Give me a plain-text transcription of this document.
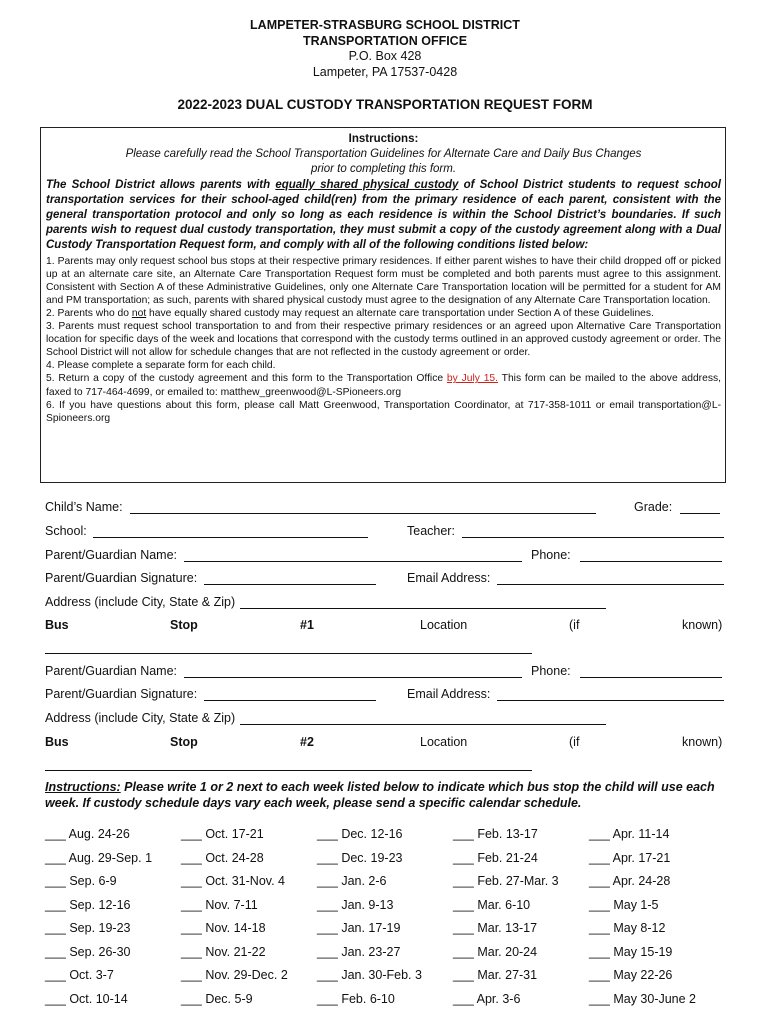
LAMPETER-STRASBURG SCHOOL DISTRICT
TRANSPORTATION OFFICE
P.O. Box 428
Lampeter, PA 17537-0428
2022-2023 DUAL CUSTODY TRANSPORTATION REQUEST FORM
Instructions:
Please carefully read the School Transportation Guidelines for Alternate Care and Daily Bus Changes
prior to completing this form.
The School District allows parents with equally shared physical custody of School District students to request school transportation services for their school-aged child(ren) from the primary residence of each parent, consistent with the general transportation protocol and only so long as each residence is within the School District’s boundaries. If such parents wish to request dual custody transportation, they must submit a copy of the custody agreement along with a Dual Custody Transportation Request form, and comply with all of the following conditions listed below:
1. Parents may only request school bus stops at their respective primary residences. If either parent wishes to have their child dropped off or picked up at an alternate care site, an Alternate Care Transportation Request form must be completed and both parents must agree to this assignment. Consistent with Section A of these Administrative Guidelines, only one Alternate Care Transportation location will be permitted for a student for AM and PM transportation; as such, parents with shared physical custody must agree to the designation of any Alternate Care Transportation location.
2. Parents who do not have equally shared custody may request an alternate care transportation under Section A of these Guidelines.
3. Parents must request school transportation to and from their respective primary residences or an agreed upon Alternative Care Transportation location for specific days of the week and locations that correspond with the custody terms outlined in an approved custody agreement or order. The School District will not allow for schedule changes that are not reflected in the custody agreement or order.
4. Please complete a separate form for each child.
5. Return a copy of the custody agreement and this form to the Transportation Office by July 15. This form can be mailed to the above address, faxed to 717-464-4699, or emailed to: matthew_greenwood@L-SPioneers.org
6. If you have questions about this form, please call Matt Greenwood, Transportation Coordinator, at 717-358-1011 or email transportation@L-Spioneers.org
Child’s Name:	Grade:
School:	Teacher:
Parent/Guardian Name:	Phone:
Parent/Guardian Signature:	Email Address:
Address (include City, State & Zip)
Bus	Stop	#1	Location	(if	known)
Parent/Guardian Name:	Phone:
Parent/Guardian Signature:	Email Address:
Address (include City, State & Zip)
Bus	Stop	#2	Location	(if	known)
Instructions: Please write 1 or 2 next to each week listed below to indicate which bus stop the child will use each week. If custody schedule days vary each week, please send a specific calendar schedule.
___ Aug. 24-26	___ Oct. 17-21	___ Dec. 12-16	___ Feb. 13-17	___ Apr. 11-14
___ Aug. 29-Sep. 1	___ Oct. 24-28	___ Dec. 19-23	___ Feb. 21-24	___ Apr. 17-21
___ Sep. 6-9	___ Oct. 31-Nov. 4	___ Jan. 2-6	___ Feb. 27-Mar. 3	___ Apr. 24-28
___ Sep. 12-16	___ Nov. 7-11	___ Jan. 9-13	___ Mar. 6-10	___ May 1-5
___ Sep. 19-23	___ Nov. 14-18	___ Jan. 17-19	___ Mar. 13-17	___ May 8-12
___ Sep. 26-30	___ Nov. 21-22	___ Jan. 23-27	___ Mar. 20-24	___ May 15-19
___ Oct. 3-7	___ Nov. 29-Dec. 2	___ Jan. 30-Feb. 3	___ Mar. 27-31	___ May 22-26
___ Oct. 10-14	___ Dec. 5-9	___ Feb. 6-10	___ Apr. 3-6	___ May 30-June 2
